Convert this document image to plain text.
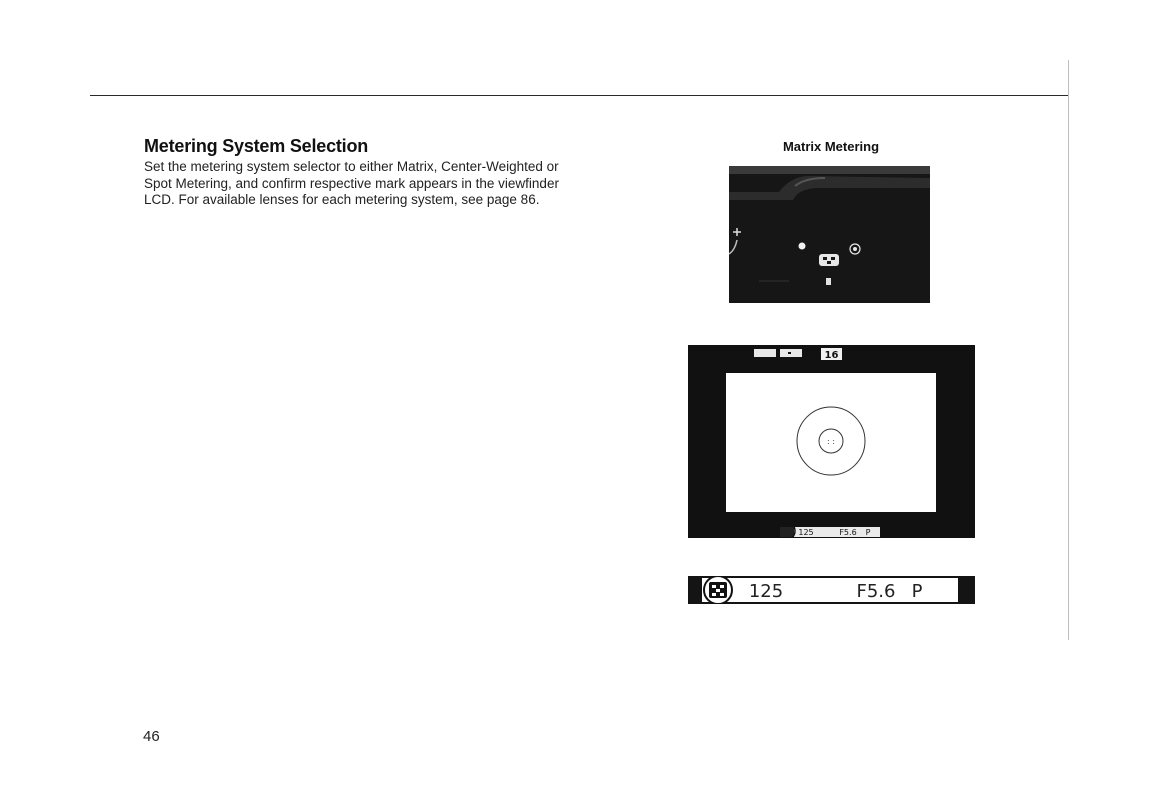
Metering System Selection

Set the metering system selector to either Matrix, Center-Weighted or Spot Metering, and confirm respective mark appears in the viewfinder LCD. For available lenses for each metering system, see page 86.

Matrix Metering
16
: :
125	F5.6 P
125	F5.6 P
46
